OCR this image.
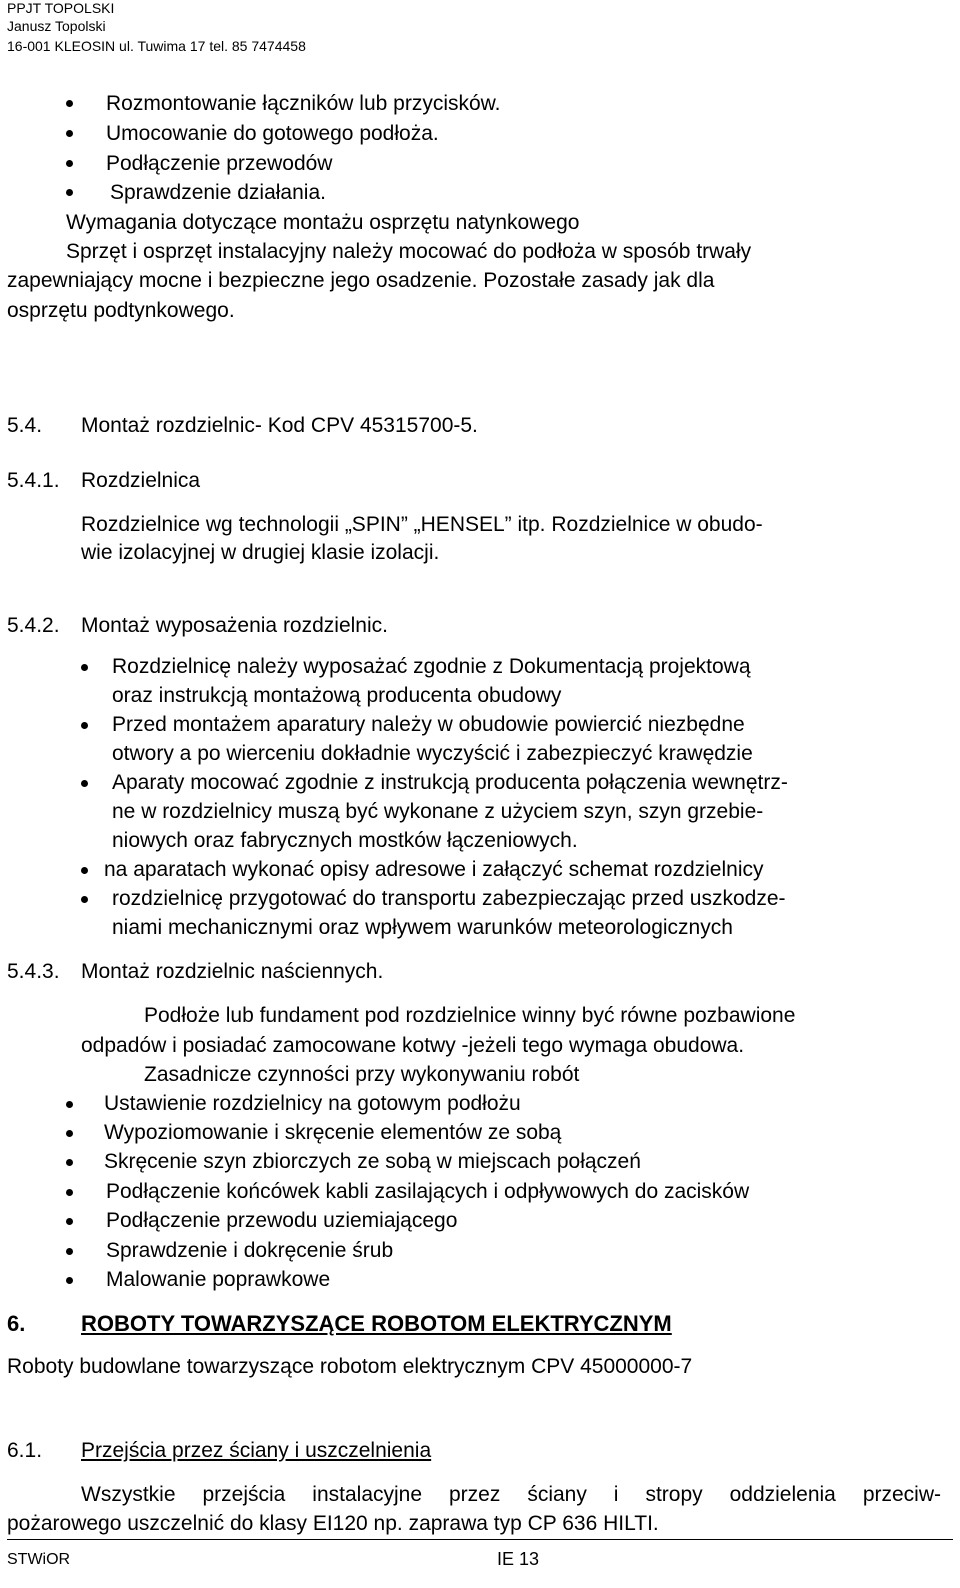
PPJT TOPOLSKI
Janusz Topolski
16-001 KLEOSIN ul. Tuwima 17 tel. 85 7474458
Rozmontowanie łączników lub przycisków.
Umocowanie do gotowego podłoża.
Podłączenie przewodów
Sprawdzenie działania.
Wymagania dotyczące montażu osprzętu natynkowego
Sprzęt i osprzęt instalacyjny należy mocować do podłoża w sposób trwały
zapewniający mocne i bezpieczne jego osadzenie. Pozostałe zasady jak dla
osprzętu podtynkowego.
5.4. Montaż rozdzielnic- Kod CPV 45315700-5.
5.4.1. Rozdzielnica
Rozdzielnice wg technologii „SPIN” „HENSEL” itp. Rozdzielnice w obudo-
wie izolacyjnej w drugiej klasie izolacji.
5.4.2. Montaż wyposażenia rozdzielnic.
Rozdzielnicę należy wyposażać zgodnie z Dokumentacją projektową
oraz instrukcją montażową producenta obudowy
Przed montażem aparatury należy w obudowie powiercić niezbędne
otwory a po wierceniu dokładnie wyczyścić i zabezpieczyć krawędzie
Aparaty mocować zgodnie z instrukcją producenta połączenia wewnętrz-
ne w rozdzielnicy muszą być wykonane z użyciem szyn, szyn grzebie-
niowych oraz fabrycznych mostków łączeniowych.
na aparatach wykonać opisy adresowe i załączyć schemat rozdzielnicy
rozdzielnicę przygotować do transportu zabezpieczając przed uszkodze-
niami mechanicznymi oraz wpływem warunków meteorologicznych
5.4.3. Montaż rozdzielnic naściennych.
Podłoże lub fundament pod rozdzielnice winny być równe pozbawione
odpadów i posiadać zamocowane kotwy -jeżeli tego wymaga obudowa.
Zasadnicze czynności przy wykonywaniu robót
Ustawienie rozdzielnicy na gotowym podłożu
Wypoziomowanie i skręcenie elementów ze sobą
Skręcenie szyn zbiorczych ze sobą w miejscach połączeń
Podłączenie końcówek kabli zasilających i odpływowych do zacisków
Podłączenie przewodu uziemiającego
Sprawdzenie i dokręcenie śrub
Malowanie poprawkowe
6.	ROBOTY TOWARZYSZĄCE ROBOTOM ELEKTRYCZNYM
Roboty budowlane towarzyszące robotom elektrycznym CPV 45000000-7
6.1. Przejścia przez ściany i uszczelnienia
Wszystkie przejścia instalacyjne przez ściany i stropy oddzielenia przeciw-
pożarowego uszczelnić do klasy EI120 np. zaprawa typ CP 636 HILTI.
STWiOR	IE 13
